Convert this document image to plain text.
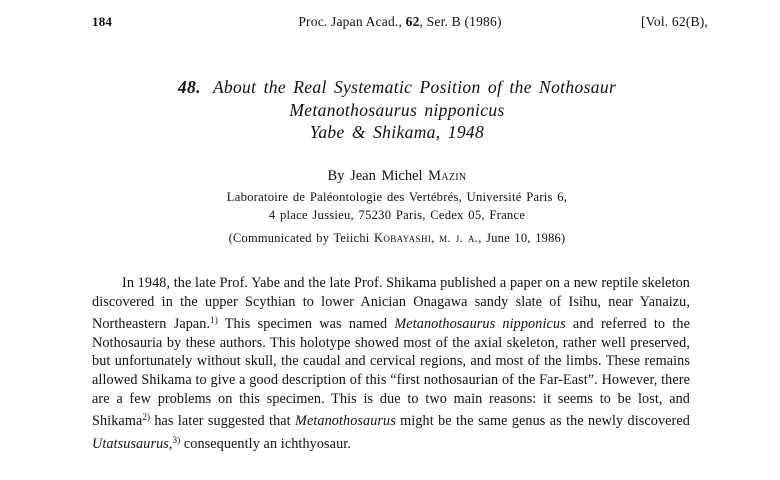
184	Proc. Japan Acad., 62, Ser. B (1986)	[Vol. 62(B),
48. About the Real Systematic Position of the Nothosaur
Metanothosaurus nipponicus
Yabe & Shikama, 1948
By Jean Michel Mazin
Laboratoire de Paléontologie des Vertébrés, Université Paris 6,
4 place Jussieu, 75230 Paris, Cedex 05, France
(Communicated by Teiichi Kobayashi, m. j. a., June 10, 1986)

In 1948, the late Prof. Yabe and the late Prof. Shikama published a paper on a new reptile skeleton discovered in the upper Scythian to lower Anician Onagawa sandy slate of Isihu, near Yanaizu, Northeastern Japan.$^{1)}$ This specimen was named Metanothosaurus nipponicus and referred to the Nothosauria by these authors. This holotype showed most of the axial skeleton, rather well preserved, but unfortunately without skull, the caudal and cervical regions, and most of the limbs. These remains allowed Shikama to give a good description of this “first nothosaurian of the Far-East”. However, there are a few problems on this specimen. This is due to two main reasons: it seems to be lost, and Shikama$^{2)}$ has later suggested that Metanothosaurus might be the same genus as the newly discovered Utatsusaurus,$^{3)}$ consequently an ichthyosaur.
